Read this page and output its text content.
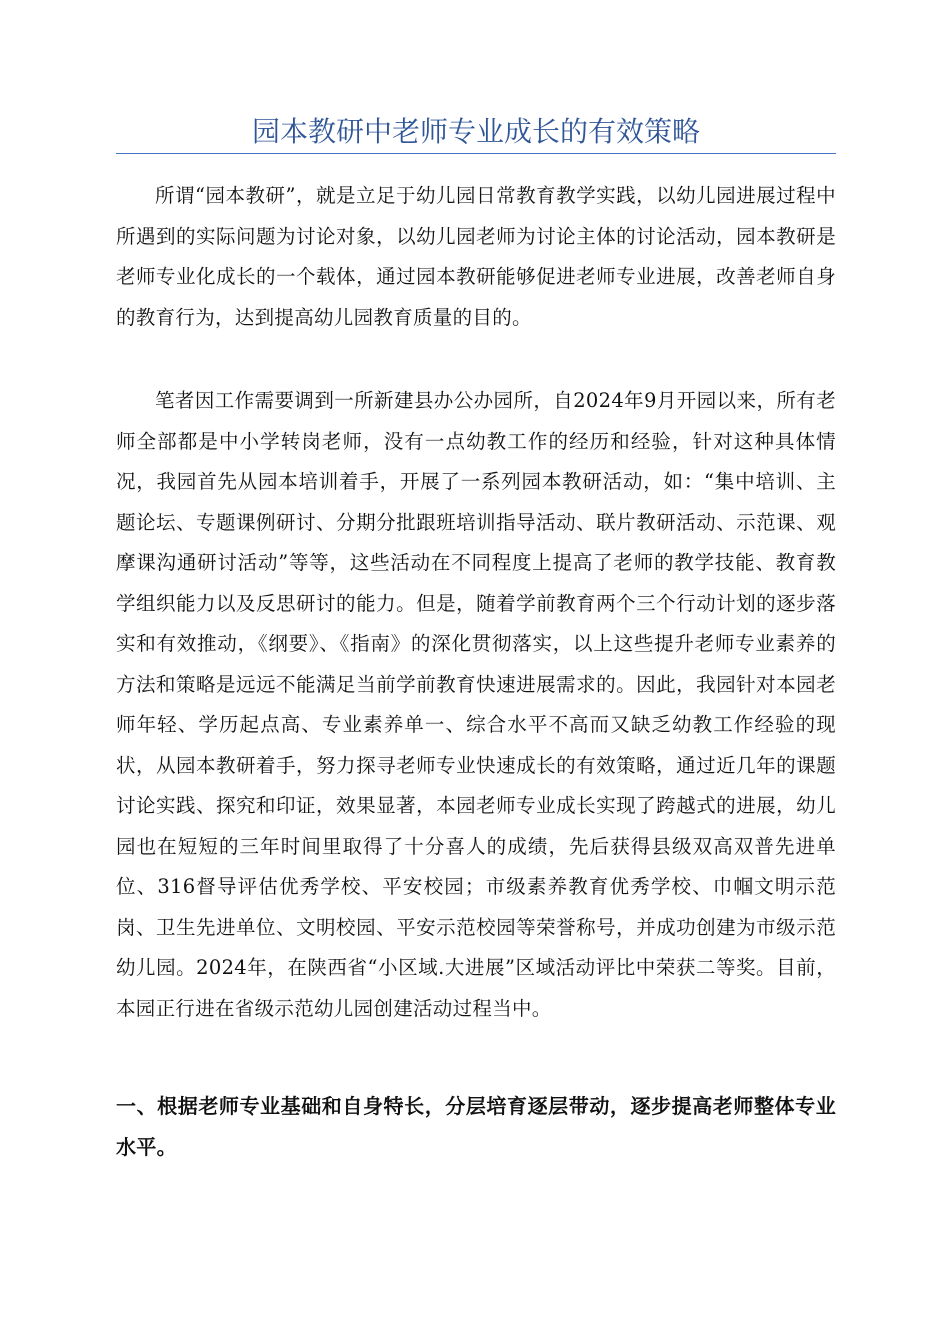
园本教研中老师专业成长的有效策略

所谓“园本教研”，就是立足于幼儿园日常教育教学实践，以幼儿园进展过程中所遇到的实际问题为讨论对象，以幼儿园老师为讨论主体的讨论活动，园本教研是老师专业化成长的一个载体，通过园本教研能够促进老师专业进展，改善老师自身的教育行为，达到提高幼儿园教育质量的目的。

笔者因工作需要调到一所新建县办公办园所，自2024年9月开园以来，所有老师全部都是中小学转岗老师，没有一点幼教工作的经历和经验，针对这种具体情况，我园首先从园本培训着手，开展了一系列园本教研活动，如：“集中培训、主题论坛、专题课例研讨、分期分批跟班培训指导活动、联片教研活动、示范课、观摩课沟通研讨活动”等等，这些活动在不同程度上提高了老师的教学技能、教育教学组织能力以及反思研讨的能力。但是，随着学前教育两个三个行动计划的逐步落实和有效推动，《纲要》、《指南》的深化贯彻落实，以上这些提升老师专业素养的方法和策略是远远不能满足当前学前教育快速进展需求的。因此，我园针对本园老师年轻、学历起点高、专业素养单一、综合水平不高而又缺乏幼教工作经验的现状，从园本教研着手，努力探寻老师专业快速成长的有效策略，通过近几年的课题讨论实践、探究和印证，效果显著，本园老师专业成长实现了跨越式的进展，幼儿园也在短短的三年时间里取得了十分喜人的成绩，先后获得县级双高双普先进单位、316督导评估优秀学校、平安校园；市级素养教育优秀学校、巾帼文明示范岗、卫生先进单位、文明校园、平安示范校园等荣誉称号，并成功创建为市级示范幼儿园。2024年，在陕西省“小区域.大进展”区域活动评比中荣获二等奖。目前，本园正行进在省级示范幼儿园创建活动过程当中。

一、根据老师专业基础和自身特长，分层培育逐层带动，逐步提高老师整体专业水平。
